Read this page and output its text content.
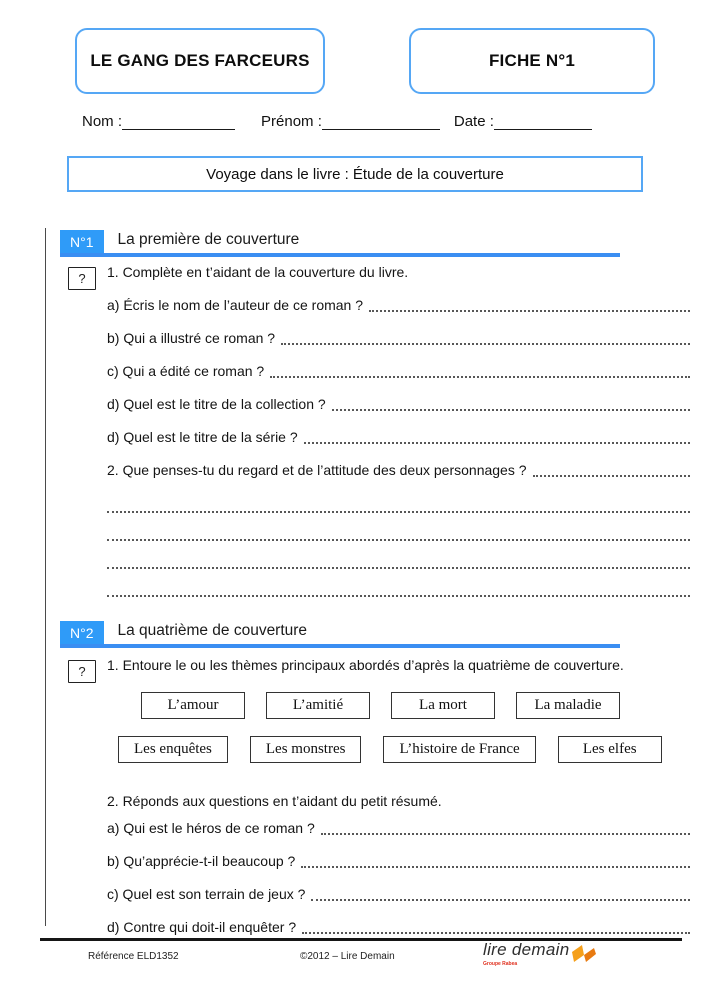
LE GANG DES FARCEURS	FICHE N°1
Nom :	Prénom :	Date :
Voyage dans le livre : Étude de la couverture
N°1	La première de couverture
?	1. Complète en t’aidant de la couverture du livre.
a) Écris le nom de l’auteur de ce roman ?
b) Qui a illustré ce roman ?
c) Qui a édité ce roman ?
d) Quel est le titre de la collection ?
d) Quel est le titre de la série ?
2. Que penses-tu du regard et de l’attitude des deux personnages ?
N°2	La quatrième de couverture
?	1. Entoure le ou les thèmes principaux abordés d’après la quatrième de couverture.
L’amour	L’amitié	La mort	La maladie
Les enquêtes	Les monstres	L’histoire de France	Les elfes
2. Réponds aux questions en t’aidant du petit résumé.
a) Qui est le héros de ce roman ?
b) Qu’apprécie-t-il beaucoup ?
c) Quel est son terrain de jeux ?
d) Contre qui doit-il enquêter ?
Référence ELD1352	©2012 – Lire Demain	lire demain
Groupe Rabea
